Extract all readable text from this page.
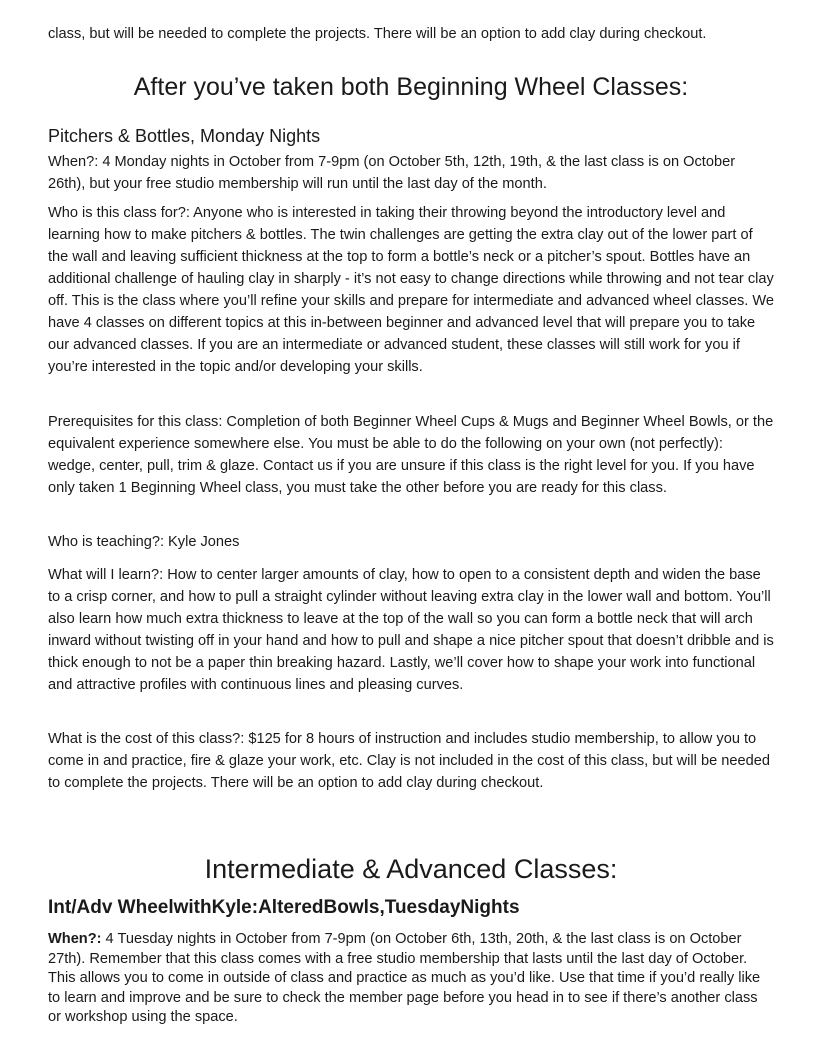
class, but will be needed to complete the projects. There will be an option to add clay during checkout.

After you’ve taken both Beginning Wheel Classes:
Pitchers & Bottles, Monday Nights

When?: 4 Monday nights in October from 7-9pm (on October 5th, 12th, 19th, & the last class is on October 26th), but your free studio membership will run until the last day of the month.

Who is this class for?: Anyone who is interested in taking their throwing beyond the introductory level and learning how to make pitchers & bottles. The twin challenges are getting the extra clay out of the lower part of the wall and leaving sufficient thickness at the top to form a bottle’s neck or a pitcher’s spout. Bottles have an additional challenge of hauling clay in sharply - it’s not easy to change directions while throwing and not tear clay off. This is the class where you’ll refine your skills and prepare for intermediate and advanced wheel classes. We have 4 classes on different topics at this in-between beginner and advanced level that will prepare you to take our advanced classes. If you are an intermediate or advanced student, these classes will still work for you if you’re interested in the topic and/or developing your skills.

Prerequisites for this class: Completion of both Beginner Wheel Cups & Mugs and Beginner Wheel Bowls, or the equivalent experience somewhere else. You must be able to do the following on your own (not perfectly): wedge, center, pull, trim & glaze. Contact us if you are unsure if this class is the right level for you. If you have only taken 1 Beginning Wheel class, you must take the other before you are ready for this class.

Who is teaching?: Kyle Jones

What will I learn?: How to center larger amounts of clay, how to open to a consistent depth and widen the base to a crisp corner, and how to pull a straight cylinder without leaving extra clay in the lower wall and bottom. You’ll also learn how much extra thickness to leave at the top of the wall so you can form a bottle neck that will arch inward without twisting off in your hand and how to pull and shape a nice pitcher spout that doesn’t dribble and is thick enough to not be a paper thin breaking hazard. Lastly, we’ll cover how to shape your work into functional and attractive profiles with continuous lines and pleasing curves.

What is the cost of this class?: $125 for 8 hours of instruction and includes studio membership, to allow you to come in and practice, fire & glaze your work, etc. Clay is not included in the cost of this class, but will be needed to complete the projects. There will be an option to add clay during checkout.

Intermediate & Advanced Classes:
Int/Adv WheelwithKyle:AlteredBowls,TuesdayNights

When?: 4 Tuesday nights in October from 7-9pm (on October 6th, 13th, 20th, & the last class is on October 27th). Remember that this class comes with a free studio membership that lasts until the last day of October. This allows you to come in outside of class and practice as much as you’d like. Use that time if you’d really like to learn and improve and be sure to check the member page before you head in to see if there’s another class or workshop using the space.
